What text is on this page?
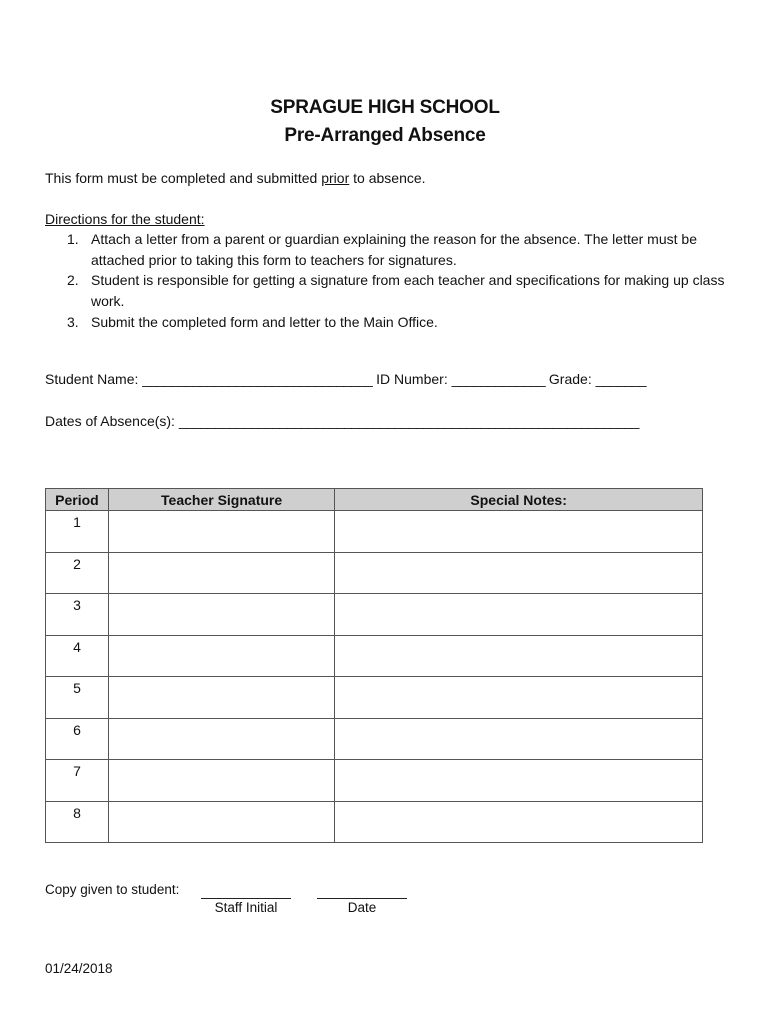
SPRAGUE HIGH SCHOOL
Pre-Arranged Absence
This form must be completed and submitted prior to absence.
Directions for the student:
1. Attach a letter from a parent or guardian explaining the reason for the absence. The letter must be attached prior to taking this form to teachers for signatures.
2. Student is responsible for getting a signature from each teacher and specifications for making up class work.
3. Submit the completed form and letter to the Main Office.
Student Name: ________________________________ ID Number: _____________ Grade: _______
Dates of Absence(s): ________________________________________________________________
Period	Teacher Signature	Special Notes:
1		
2		
3		
4		
5		
6		
7		
8		
Copy given to student:
Staff Initial	Date
01/24/2018
